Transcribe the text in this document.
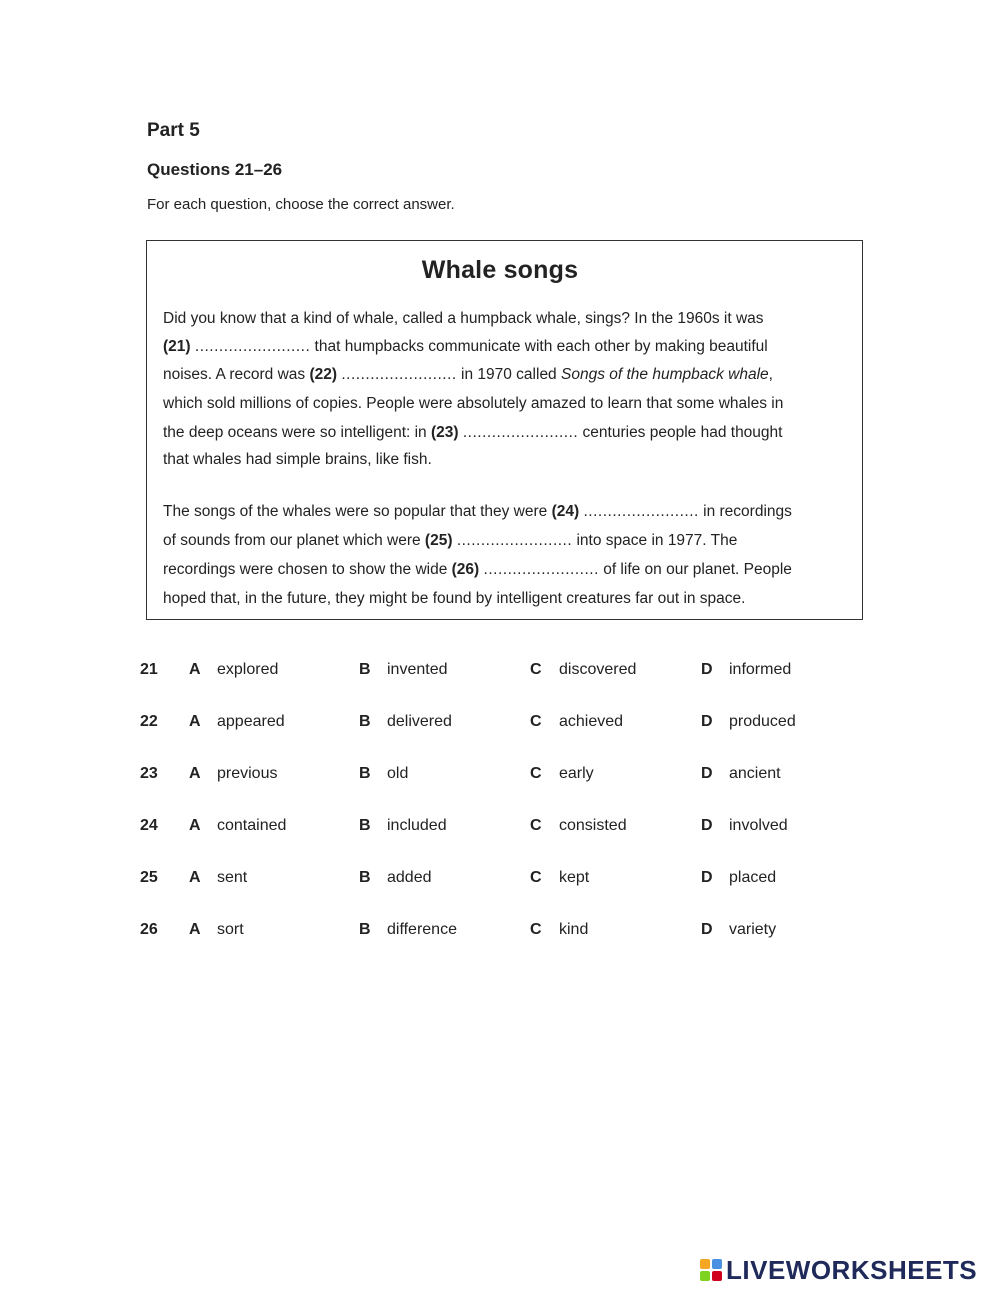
Part 5
Questions 21–26
For each question, choose the correct answer.
Whale songs
Did you know that a kind of whale, called a humpback whale, sings? In the 1960s it was
(21) ........................ that humpbacks communicate with each other by making beautiful
noises. A record was (22) ........................ in 1970 called Songs of the humpback whale,
which sold millions of copies. People were absolutely amazed to learn that some whales in
the deep oceans were so intelligent: in (23) ........................ centuries people had thought
that whales had simple brains, like fish.
The songs of the whales were so popular that they were (24) ........................ in recordings
of sounds from our planet which were (25) ........................ into space in 1977. The
recordings were chosen to show the wide (26) ........................ of life on our planet. People
hoped that, in the future, they might be found by intelligent creatures far out in space.
21 A explored	B invented	C discovered	D informed
22 A appeared	B delivered	C achieved	D produced
23 A previous	B old	C early	D ancient
24 A contained	B included	C consisted	D involved
25 A sent	B added	C kept	D placed
26 A sort	B difference	C kind	D variety
LIVEWORKSHEETS
